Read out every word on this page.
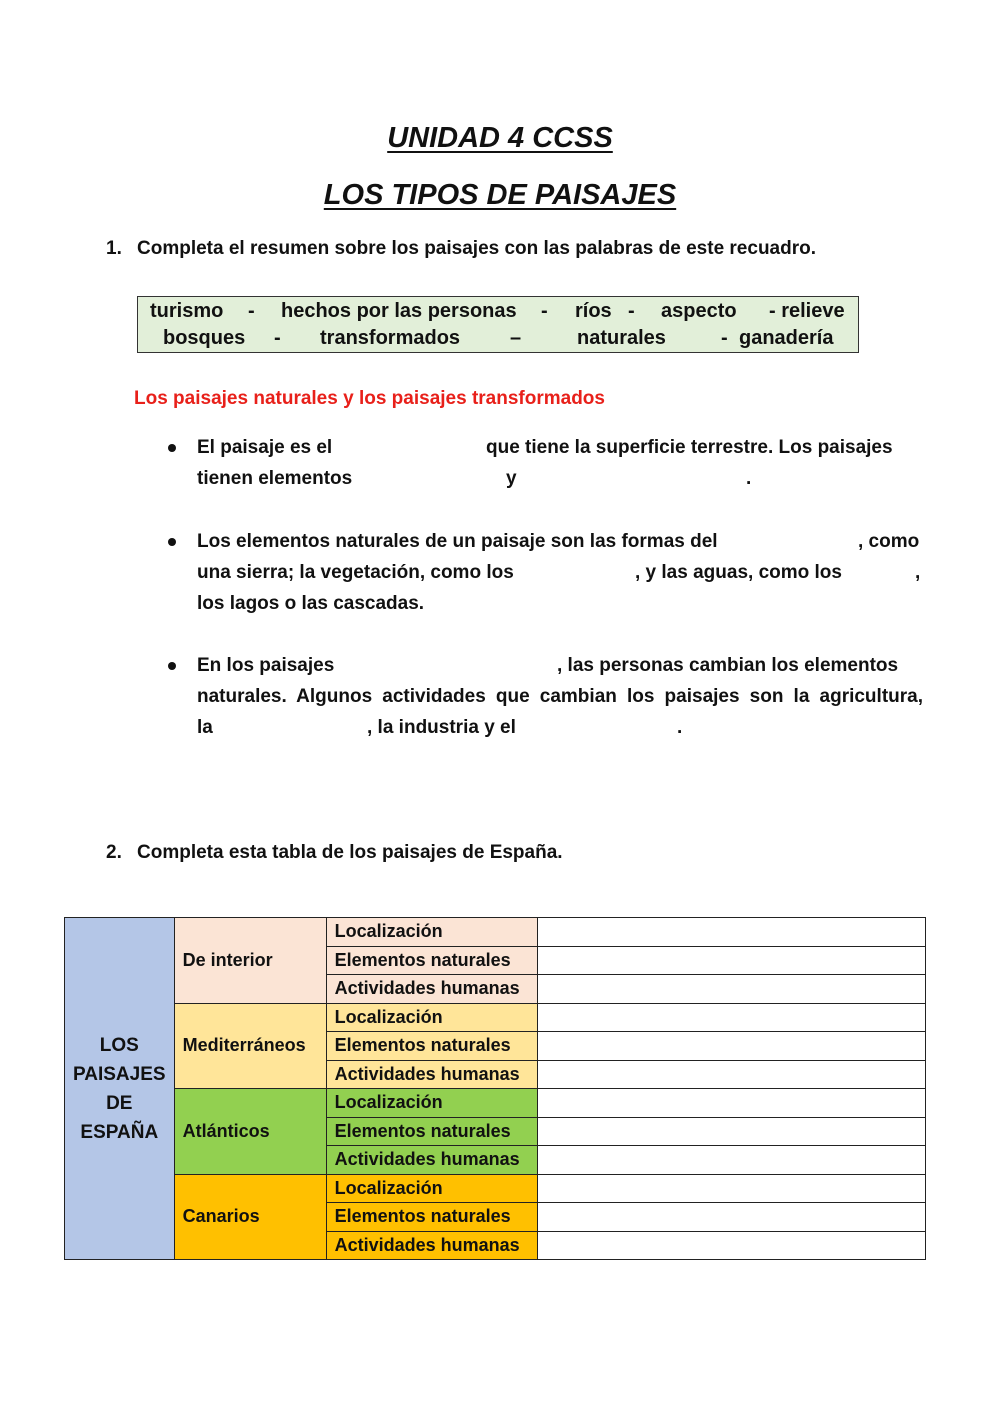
UNIDAD 4 CCSS
LOS TIPOS DE PAISAJES
1. Completa el resumen sobre los paisajes con las palabras de este recuadro.
turismo - hechos por las personas - ríos - aspecto - relieve
bosques - transformados –	naturales	- ganadería
Los paisajes naturales y los paisajes transformados
El paisaje es el	que tiene la superficie terrestre. Los paisajes
tienen elementos	y	.
Los elementos naturales de un paisaje son las formas del	, como
una sierra; la vegetación, como los	, y las aguas, como los	,
los lagos o las cascadas.
En los paisajes	, las personas cambian los elementos
naturales. Algunos actividades que cambian los paisajes son la agricultura,
la	, la industria y el	.
2. Completa esta tabla de los paisajes de España.
LOS
PAISAJES
DE
ESPAÑA	De interior	Localización	
		Elementos naturales	
		Actividades humanas	
	Mediterráneos	Localización	
		Elementos naturales	
		Actividades humanas	
	Atlánticos	Localización	
		Elementos naturales	
		Actividades humanas	
	Canarios	Localización	
		Elementos naturales	
		Actividades humanas	
